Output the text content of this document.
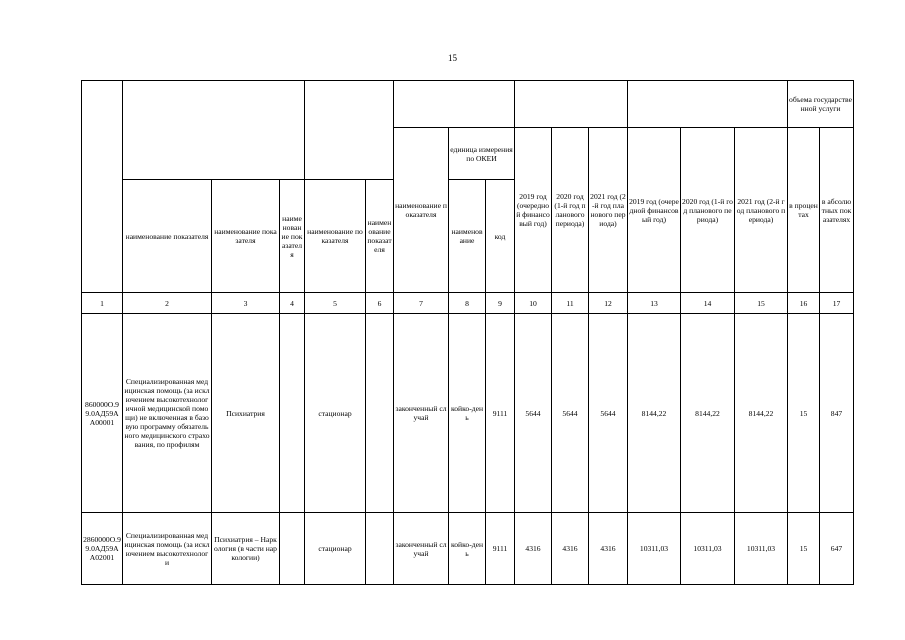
15
															объема государственной услуги	
						наименование показателя	единица измерения по ОКЕИ		2019 год (очередной финансовый год)	2020 год (1-й год планового периода)	2021 год (2-й год планового периода)	2019 год (очередной финансовый год)	2020 год (1-й год планового периода)	2021 год (2-й год планового периода)	в процентах	в абсолютных показателях
	наименование показателя	наименование показателя	наименование показателя	наименование показателя	наименование показателя		наименование	код								
1	2	3	4	5	6	7	8	9	10	11	12	13	14	15	16	17
860000О.99.0АД59АА00001	Специализированная медицинская помощь (за исключением высокотехнологичной медицинской помощи) не включенная в базовую программу обязательного медицинского страхования, по профилям	Психиатрия		стационар		законченный случай	койко-день	9111	5644	5644	5644	8144,22	8144,22	8144,22	15	847
2860000О.99.0АД59АА02001	Специализированная медицинская помощь (за исключением высокотехнологи	Психиатрия – Наркология (в части наркологии)		стационар		законченный случай	койко-день	9111	4316	4316	4316	10311,03	10311,03	10311,03	15	647
